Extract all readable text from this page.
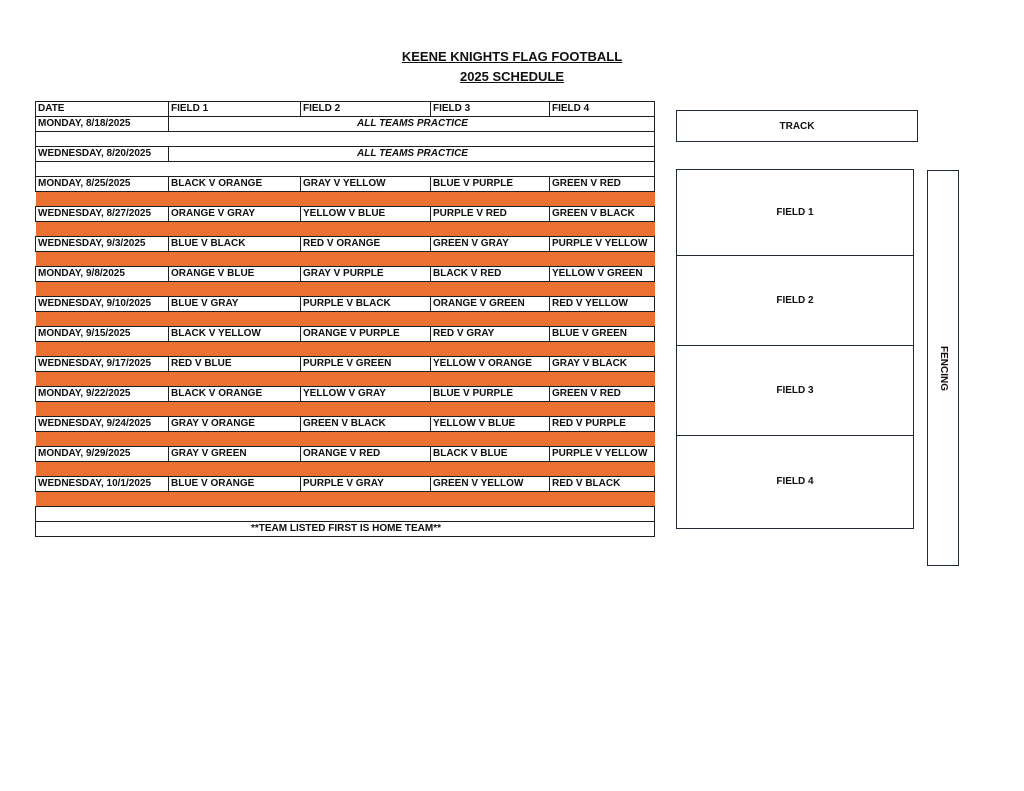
KEENE KNIGHTS FLAG FOOTBALL
2025 SCHEDULE
DATE	FIELD 1	FIELD 2	FIELD 3	FIELD 4
MONDAY, 8/18/2025	ALL TEAMS PRACTICE			

WEDNESDAY, 8/20/2025	ALL TEAMS PRACTICE			

MONDAY, 8/25/2025	BLACK V ORANGE	GRAY V YELLOW	BLUE V PURPLE	GREEN V RED

WEDNESDAY, 8/27/2025	ORANGE V GRAY	YELLOW V BLUE	PURPLE V RED	GREEN V BLACK

WEDNESDAY, 9/3/2025	BLUE V BLACK	RED V ORANGE	GREEN V GRAY	PURPLE V YELLOW

MONDAY, 9/8/2025	ORANGE V BLUE	GRAY V PURPLE	BLACK V RED	YELLOW V GREEN

WEDNESDAY, 9/10/2025	BLUE V GRAY	PURPLE V BLACK	ORANGE V GREEN	RED V YELLOW

MONDAY, 9/15/2025	BLACK V YELLOW	ORANGE V PURPLE	RED V GRAY	BLUE V GREEN

WEDNESDAY, 9/17/2025	RED V BLUE	PURPLE V GREEN	YELLOW V ORANGE	GRAY V BLACK

MONDAY, 9/22/2025	BLACK V ORANGE	YELLOW V GRAY	BLUE V PURPLE	GREEN V RED

WEDNESDAY, 9/24/2025	GRAY V ORANGE	GREEN V BLACK	YELLOW V BLUE	RED V PURPLE

MONDAY, 9/29/2025	GRAY V GREEN	ORANGE V RED	BLACK V BLUE	PURPLE V YELLOW

WEDNESDAY, 10/1/2025	BLUE V ORANGE	PURPLE V GRAY	GREEN V YELLOW	RED V BLACK

**TEAM LISTED FIRST IS HOME TEAM**				
TRACK
FIELD 1
FIELD 2
FIELD 3
FIELD 4
FENCING
